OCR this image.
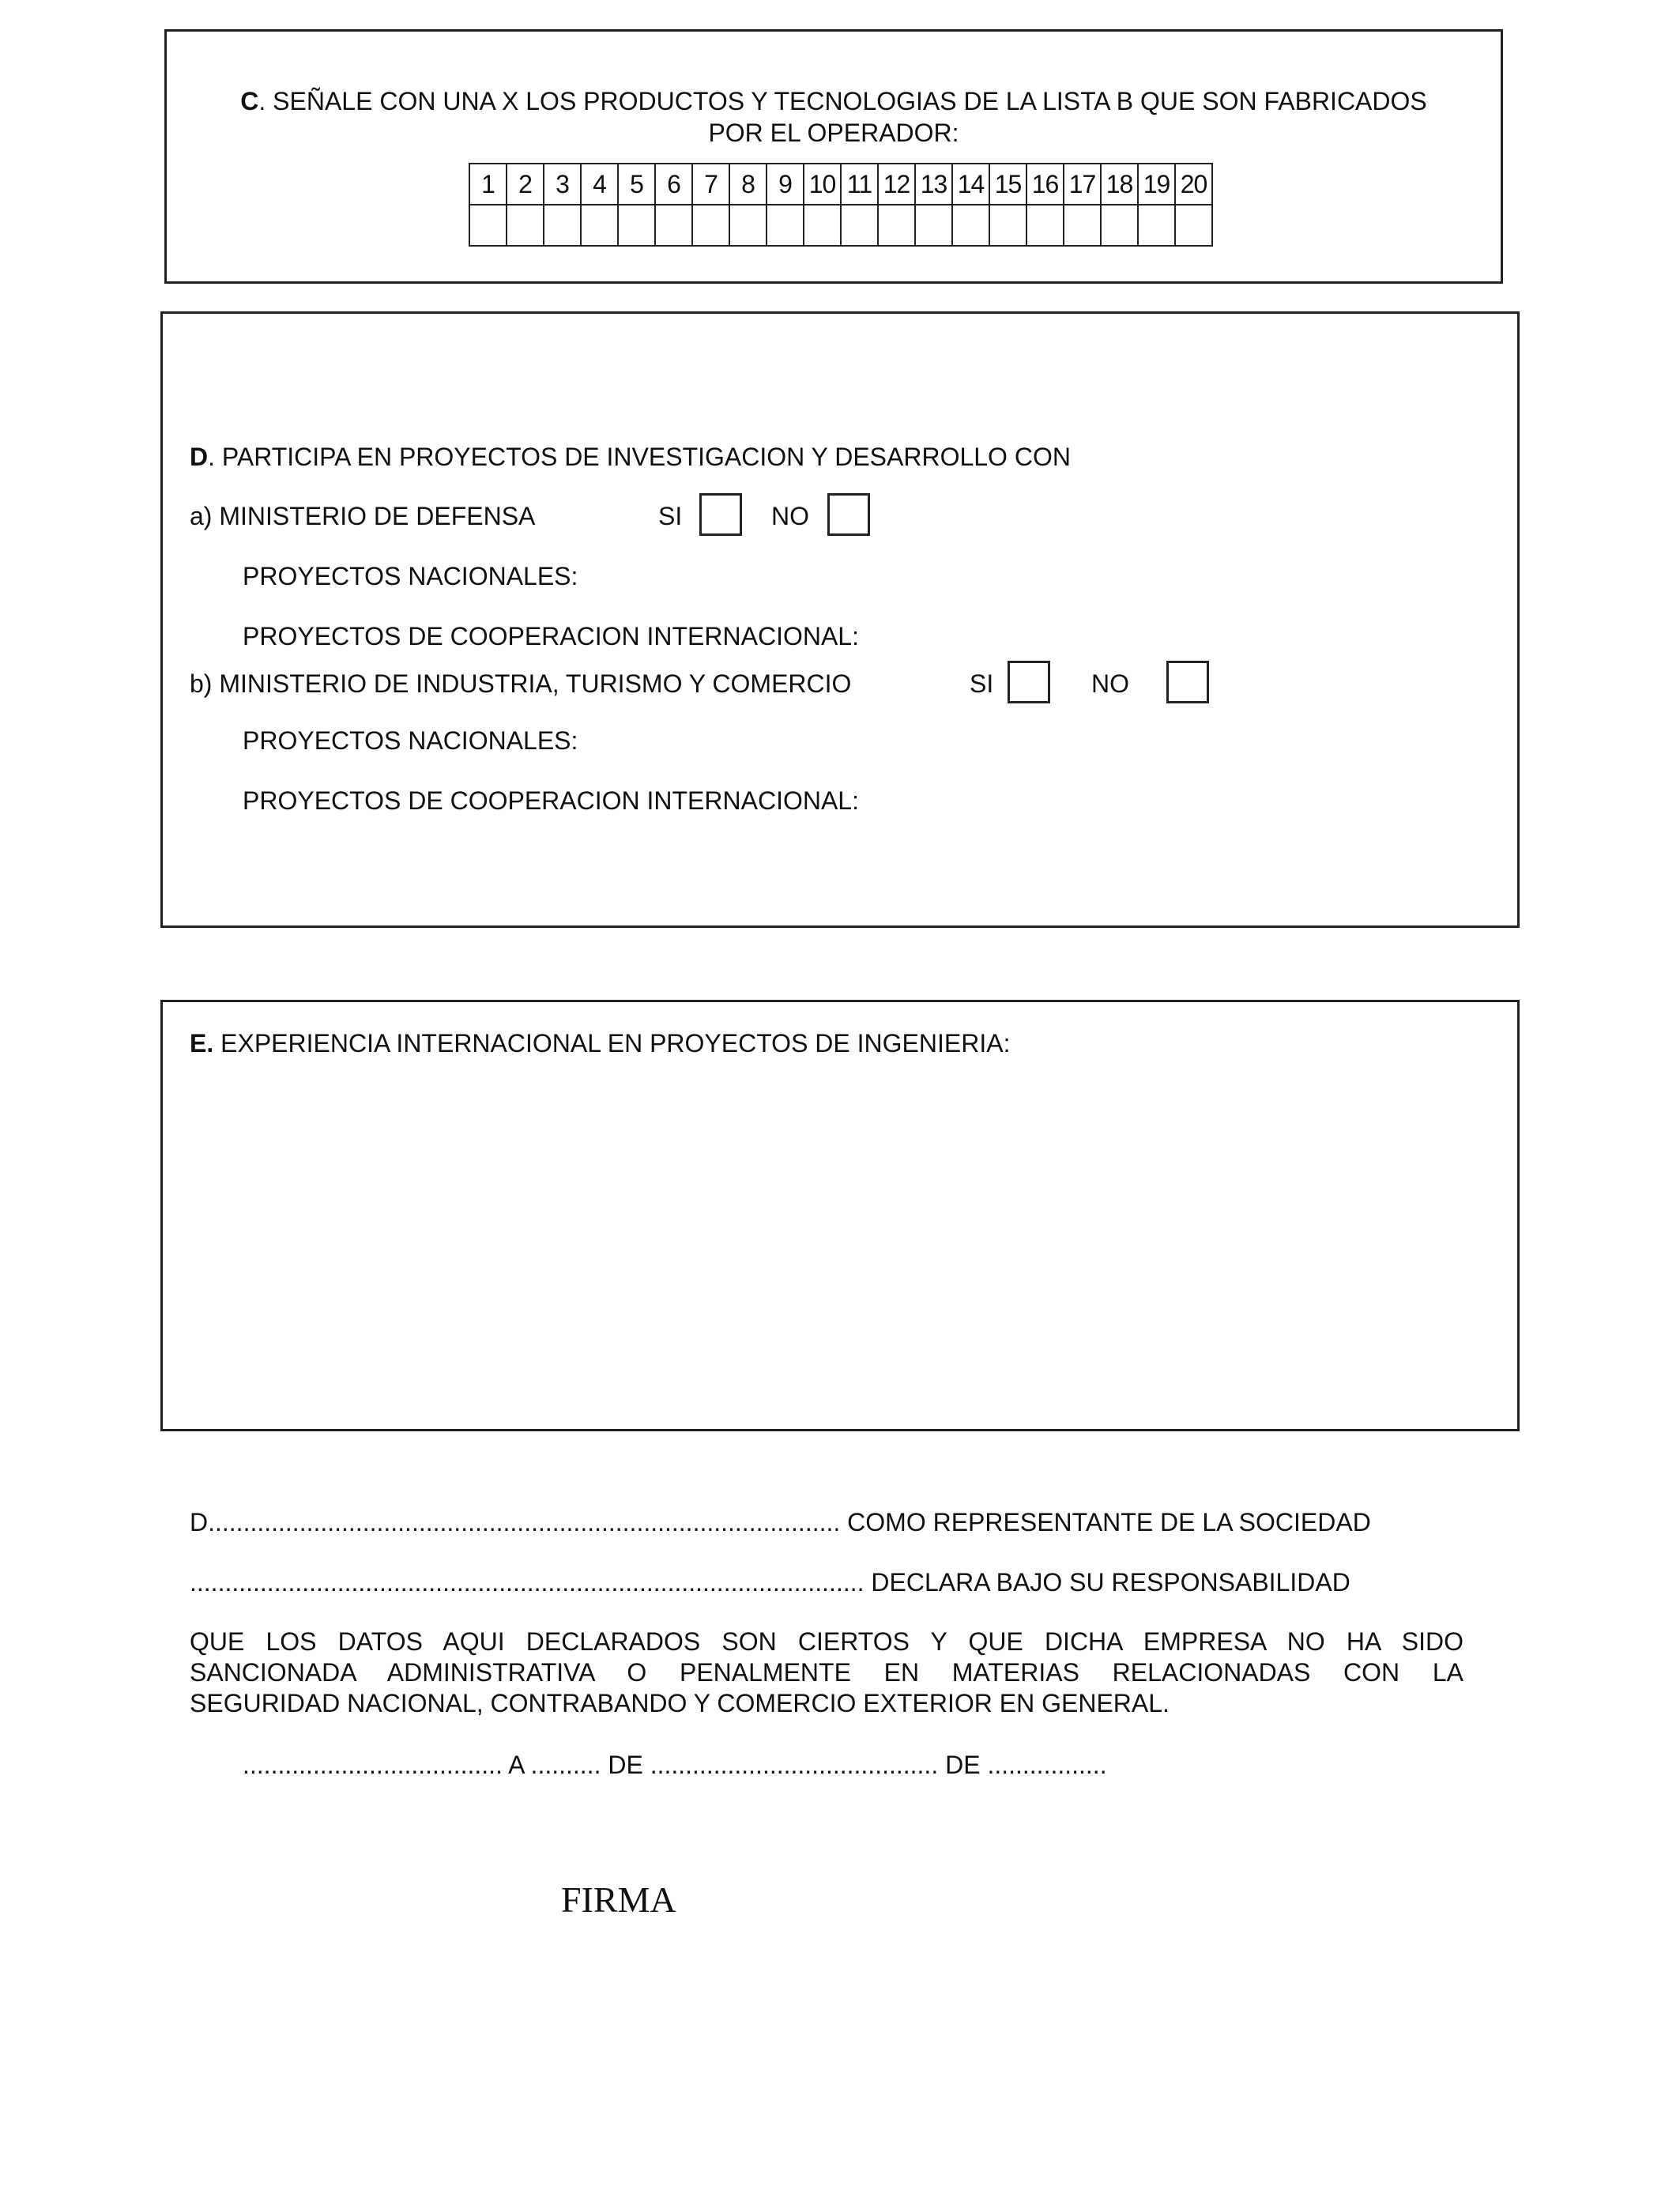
C. SEÑALE CON UNA X LOS PRODUCTOS Y TECNOLOGIAS DE LA LISTA B QUE SON FABRICADOS
POR EL OPERADOR:
1	2	3	4	5	6	7	8	9	10	11	12	13	14	15	16	17	18	19	20

D. PARTICIPA EN PROYECTOS DE INVESTIGACION Y DESARROLLO CON
a) MINISTERIO DE DEFENSA	SI	NO
PROYECTOS NACIONALES:
PROYECTOS DE COOPERACION INTERNACIONAL:
b) MINISTERIO DE INDUSTRIA, TURISMO Y COMERCIO	SI	NO
PROYECTOS NACIONALES:
PROYECTOS DE COOPERACION INTERNACIONAL:
E. EXPERIENCIA INTERNACIONAL EN PROYECTOS DE INGENIERIA:
D.......................................................................................... COMO REPRESENTANTE DE LA SOCIEDAD
................................................................................................ DECLARA BAJO SU RESPONSABILIDAD
QUE LOS DATOS AQUI DECLARADOS SON CIERTOS Y QUE DICHA EMPRESA NO HA SIDO
SANCIONADA ADMINISTRATIVA O PENALMENTE EN MATERIAS RELACIONADAS CON LA
SEGURIDAD NACIONAL, CONTRABANDO Y COMERCIO EXTERIOR EN GENERAL.
..................................... A .......... DE ......................................... DE .................
FIRMA
